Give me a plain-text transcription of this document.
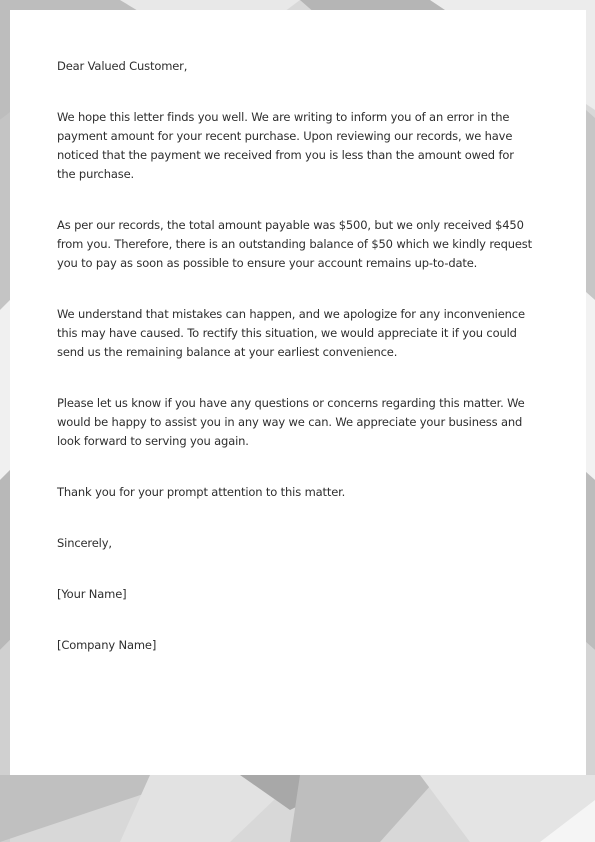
Dear Valued Customer,

We hope this letter finds you well. We are writing to inform you of an error in the payment amount for your recent purchase. Upon reviewing our records, we have noticed that the payment we received from you is less than the amount owed for the purchase.

As per our records, the total amount payable was $500, but we only received $450 from you. Therefore, there is an outstanding balance of $50 which we kindly request you to pay as soon as possible to ensure your account remains up-to-date.

We understand that mistakes can happen, and we apologize for any inconvenience this may have caused. To rectify this situation, we would appreciate it if you could send us the remaining balance at your earliest convenience.

Please let us know if you have any questions or concerns regarding this matter. We would be happy to assist you in any way we can. We appreciate your business and look forward to serving you again.

Thank you for your prompt attention to this matter.

Sincerely,

[Your Name]

[Company Name]
